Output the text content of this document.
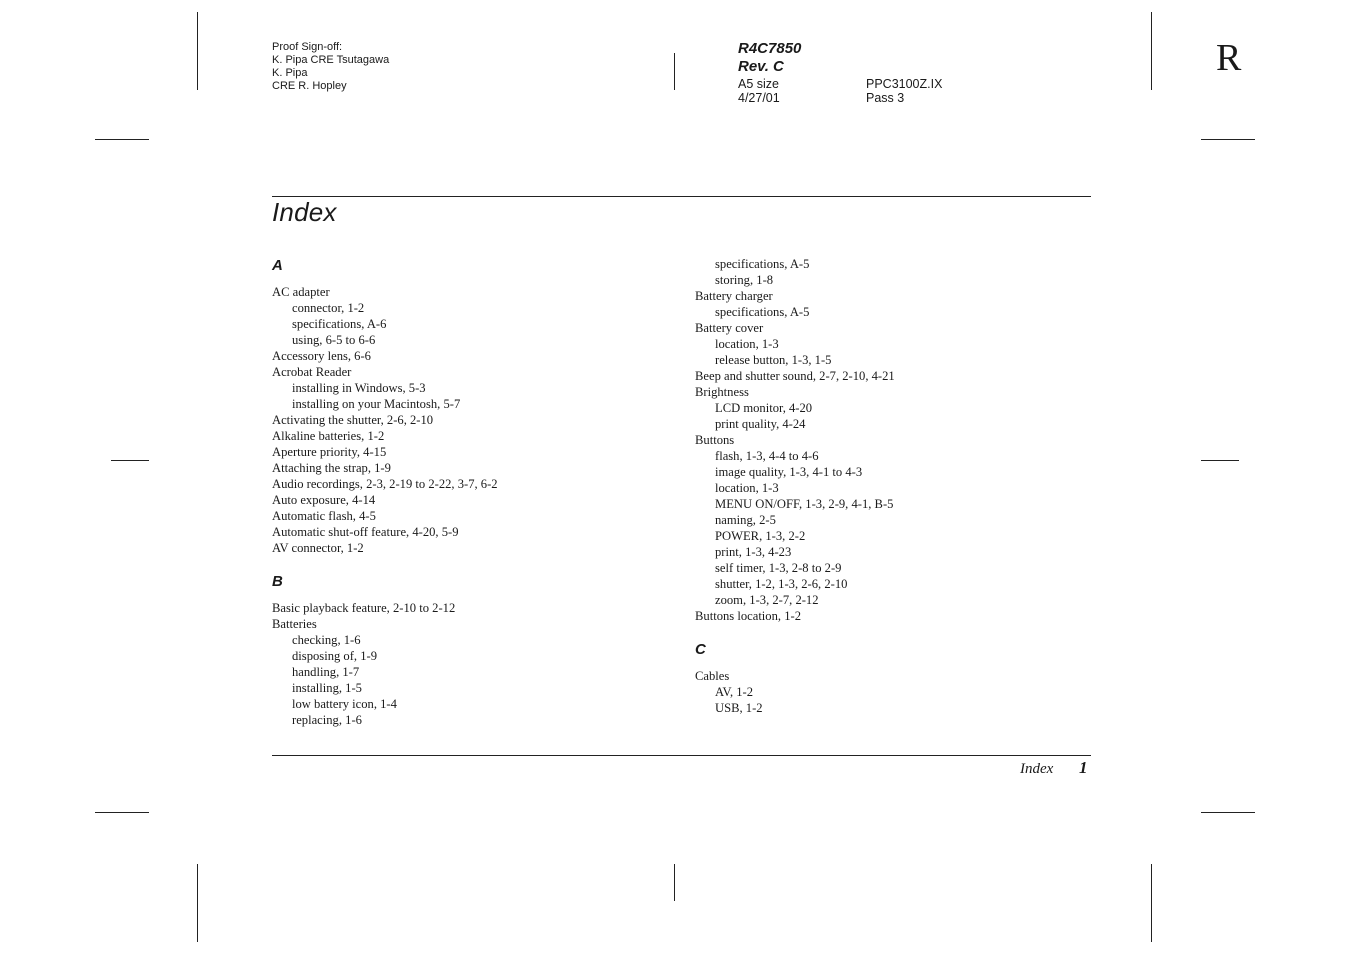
Proof Sign-off:
K. Pipa CRE Tsutagawa
K. Pipa
CRE R. Hopley
R4C7850
Rev. C
A5 size	PPC3100Z.IX
4/27/01	Pass 3
R
Index
A
AC adapter
connector, 1-2
specifications, A-6
using, 6-5 to 6-6
Accessory lens, 6-6
Acrobat Reader
installing in Windows, 5-3
installing on your Macintosh, 5-7
Activating the shutter, 2-6, 2-10
Alkaline batteries, 1-2
Aperture priority, 4-15
Attaching the strap, 1-9
Audio recordings, 2-3, 2-19 to 2-22, 3-7, 6-2
Auto exposure, 4-14
Automatic flash, 4-5
Automatic shut-off feature, 4-20, 5-9
AV connector, 1-2
B
Basic playback feature, 2-10 to 2-12
Batteries
checking, 1-6
disposing of, 1-9
handling, 1-7
installing, 1-5
low battery icon, 1-4
replacing, 1-6
specifications, A-5
storing, 1-8
Battery charger
specifications, A-5
Battery cover
location, 1-3
release button, 1-3, 1-5
Beep and shutter sound, 2-7, 2-10, 4-21
Brightness
LCD monitor, 4-20
print quality, 4-24
Buttons
flash, 1-3, 4-4 to 4-6
image quality, 1-3, 4-1 to 4-3
location, 1-3
MENU ON/OFF, 1-3, 2-9, 4-1, B-5
naming, 2-5
POWER, 1-3, 2-2
print, 1-3, 4-23
self timer, 1-3, 2-8 to 2-9
shutter, 1-2, 1-3, 2-6, 2-10
zoom, 1-3, 2-7, 2-12
Buttons location, 1-2
C
Cables
AV, 1-2
USB, 1-2
Index 1
